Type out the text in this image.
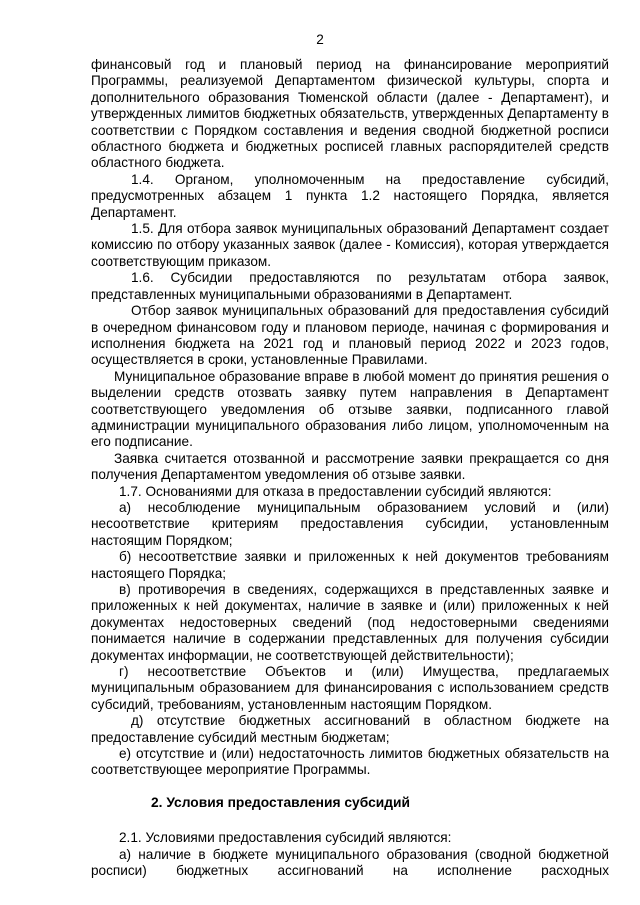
2

финансовый год и плановый период на финансирование мероприятий Программы, реализуемой Департаментом физической культуры, спорта и дополнительного образования Тюменской области (далее - Департамент), и утвержденных лимитов бюджетных обязательств, утвержденных Департаменту в соответствии с Порядком составления и ведения сводной бюджетной росписи областного бюджета и бюджетных росписей главных распорядителей средств областного бюджета.

1.4. Органом, уполномоченным на предоставление субсидий, предусмотренных абзацем 1 пункта 1.2 настоящего Порядка, является Департамент.

1.5. Для отбора заявок муниципальных образований Департамент создает комиссию по отбору указанных заявок (далее - Комиссия), которая утверждается соответствующим приказом.

1.6. Субсидии предоставляются по результатам отбора заявок, представленных муниципальными образованиями в Департамент.

Отбор заявок муниципальных образований для предоставления субсидий в очередном финансовом году и плановом периоде, начиная с формирования и исполнения бюджета на 2021 год и плановый период 2022 и 2023 годов, осуществляется в сроки, установленные Правилами.

Муниципальное образование вправе в любой момент до принятия решения о выделении средств отозвать заявку путем направления в Департамент соответствующего уведомления об отзыве заявки, подписанного главой администрации муниципального образования либо лицом, уполномоченным на его подписание.

Заявка считается отозванной и рассмотрение заявки прекращается со дня получения Департаментом уведомления об отзыве заявки.

1.7. Основаниями для отказа в предоставлении субсидий являются:

а) несоблюдение муниципальным образованием условий и (или) несоответствие критериям предоставления субсидии, установленным настоящим Порядком;

б) несоответствие заявки и приложенных к ней документов требованиям настоящего Порядка;

в) противоречия в сведениях, содержащихся в представленных заявке и приложенных к ней документах, наличие в заявке и (или) приложенных к ней документах недостоверных сведений (под недостоверными сведениями понимается наличие в содержании представленных для получения субсидии документах информации, не соответствующей действительности);

г) несоответствие Объектов и (или) Имущества, предлагаемых муниципальным образованием для финансирования с использованием средств субсидий, требованиям, установленным настоящим Порядком.

д) отсутствие бюджетных ассигнований в областном бюджете на предоставление субсидий местным бюджетам;

е) отсутствие и (или) недостаточность лимитов бюджетных обязательств на соответствующее мероприятие Программы.

2. Условия предоставления субсидий

2.1. Условиями предоставления субсидий являются:

а) наличие в бюджете муниципального образования (сводной бюджетной росписи) бюджетных ассигнований на исполнение расходных
